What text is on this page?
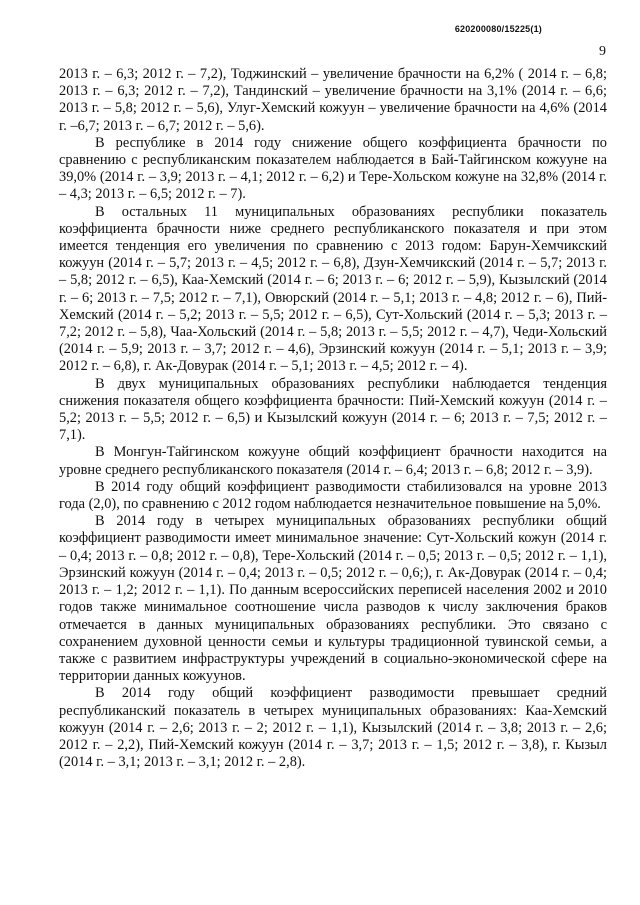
620200080/15225(1)
9

2013 г. – 6,3; 2012 г. – 7,2), Тоджинский – увеличение брачности на 6,2% ( 2014 г. – 6,8; 2013 г. – 6,3; 2012 г. – 7,2), Тандинский – увеличение брачности на 3,1% (2014 г. – 6,6; 2013 г. – 5,8; 2012 г. – 5,6), Улуг-Хемский кожуун – увеличение брачности на 4,6% (2014 г. –6,7; 2013 г. – 6,7; 2012 г. – 5,6).

В республике в 2014 году снижение общего коэффициента брачности по сравнению с республиканским показателем наблюдается в Бай-Тайгинском кожууне на 39,0% (2014 г. – 3,9; 2013 г. – 4,1; 2012 г. – 6,2) и Тере-Хольском кожуне на 32,8% (2014 г. – 4,3; 2013 г. – 6,5; 2012 г. – 7).

В остальных 11 муниципальных образованиях республики показатель коэффициента брачности ниже среднего республиканского показателя и при этом имеется тенденция его увеличения по сравнению с 2013 годом: Барун-Хемчикский кожуун (2014 г. – 5,7; 2013 г. – 4,5; 2012 г. – 6,8), Дзун-Хемчикский (2014 г. – 5,7; 2013 г. – 5,8; 2012 г. – 6,5), Каа-Хемский (2014 г. – 6; 2013 г. – 6; 2012 г. – 5,9), Кызылский (2014 г. – 6; 2013 г. – 7,5; 2012 г. – 7,1), Овюрский (2014 г. – 5,1; 2013 г. – 4,8; 2012 г. – 6), Пий-Хемский (2014 г. – 5,2; 2013 г. – 5,5; 2012 г. – 6,5), Сут-Хольский (2014 г. – 5,3; 2013 г. – 7,2; 2012 г. – 5,8), Чаа-Хольский (2014 г. – 5,8; 2013 г. – 5,5; 2012 г. – 4,7), Чеди-Хольский (2014 г. – 5,9; 2013 г. – 3,7; 2012 г. – 4,6), Эрзинский кожуун (2014 г. – 5,1; 2013 г. – 3,9; 2012 г. – 6,8), г. Ак-Довурак (2014 г. – 5,1; 2013 г. – 4,5; 2012 г. – 4).

В двух муниципальных образованиях республики наблюдается тенденция снижения показателя общего коэффициента брачности: Пий-Хемский кожуун (2014 г. – 5,2; 2013 г. – 5,5; 2012 г. – 6,5) и Кызылский кожуун (2014 г. – 6; 2013 г. – 7,5; 2012 г. – 7,1).

В Монгун-Тайгинском кожууне общий коэффициент брачности находится на уровне среднего республиканского показателя (2014 г. – 6,4; 2013 г. – 6,8; 2012 г. – 3,9).

В 2014 году общий коэффициент разводимости стабилизовался на уровне 2013 года (2,0), по сравнению с 2012 годом наблюдается незначительное повышение на 5,0%.

В 2014 году в четырех муниципальных образованиях республики общий коэффициент разводимости имеет минимальное значение: Сут-Хольский кожун (2014 г. – 0,4; 2013 г. – 0,8; 2012 г. – 0,8), Тере-Хольский (2014 г. – 0,5; 2013 г. – 0,5; 2012 г. – 1,1), Эрзинский кожуун (2014 г. – 0,4; 2013 г. – 0,5; 2012 г. – 0,6;), г. Ак-Довурак (2014 г. – 0,4; 2013 г. – 1,2; 2012 г. – 1,1). По данным всероссийских переписей населения 2002 и 2010 годов также минимальное соотношение числа разводов к числу заключения браков отмечается в данных муниципальных образованиях республики. Это связано с сохранением духовной ценности семьи и культуры традиционной тувинской семьи, а также с развитием инфраструктуры учреждений в социально-экономической сфере на территории данных кожуунов.

В 2014 году общий коэффициент разводимости превышает средний республиканский показатель в четырех муниципальных образованиях: Каа-Хемский кожуун (2014 г. – 2,6; 2013 г. – 2; 2012 г. – 1,1), Кызылский (2014 г. – 3,8; 2013 г. – 2,6; 2012 г. – 2,2), Пий-Хемский кожуун (2014 г. – 3,7; 2013 г. – 1,5; 2012 г. – 3,8), г. Кызыл (2014 г. – 3,1; 2013 г. – 3,1; 2012 г. – 2,8).
